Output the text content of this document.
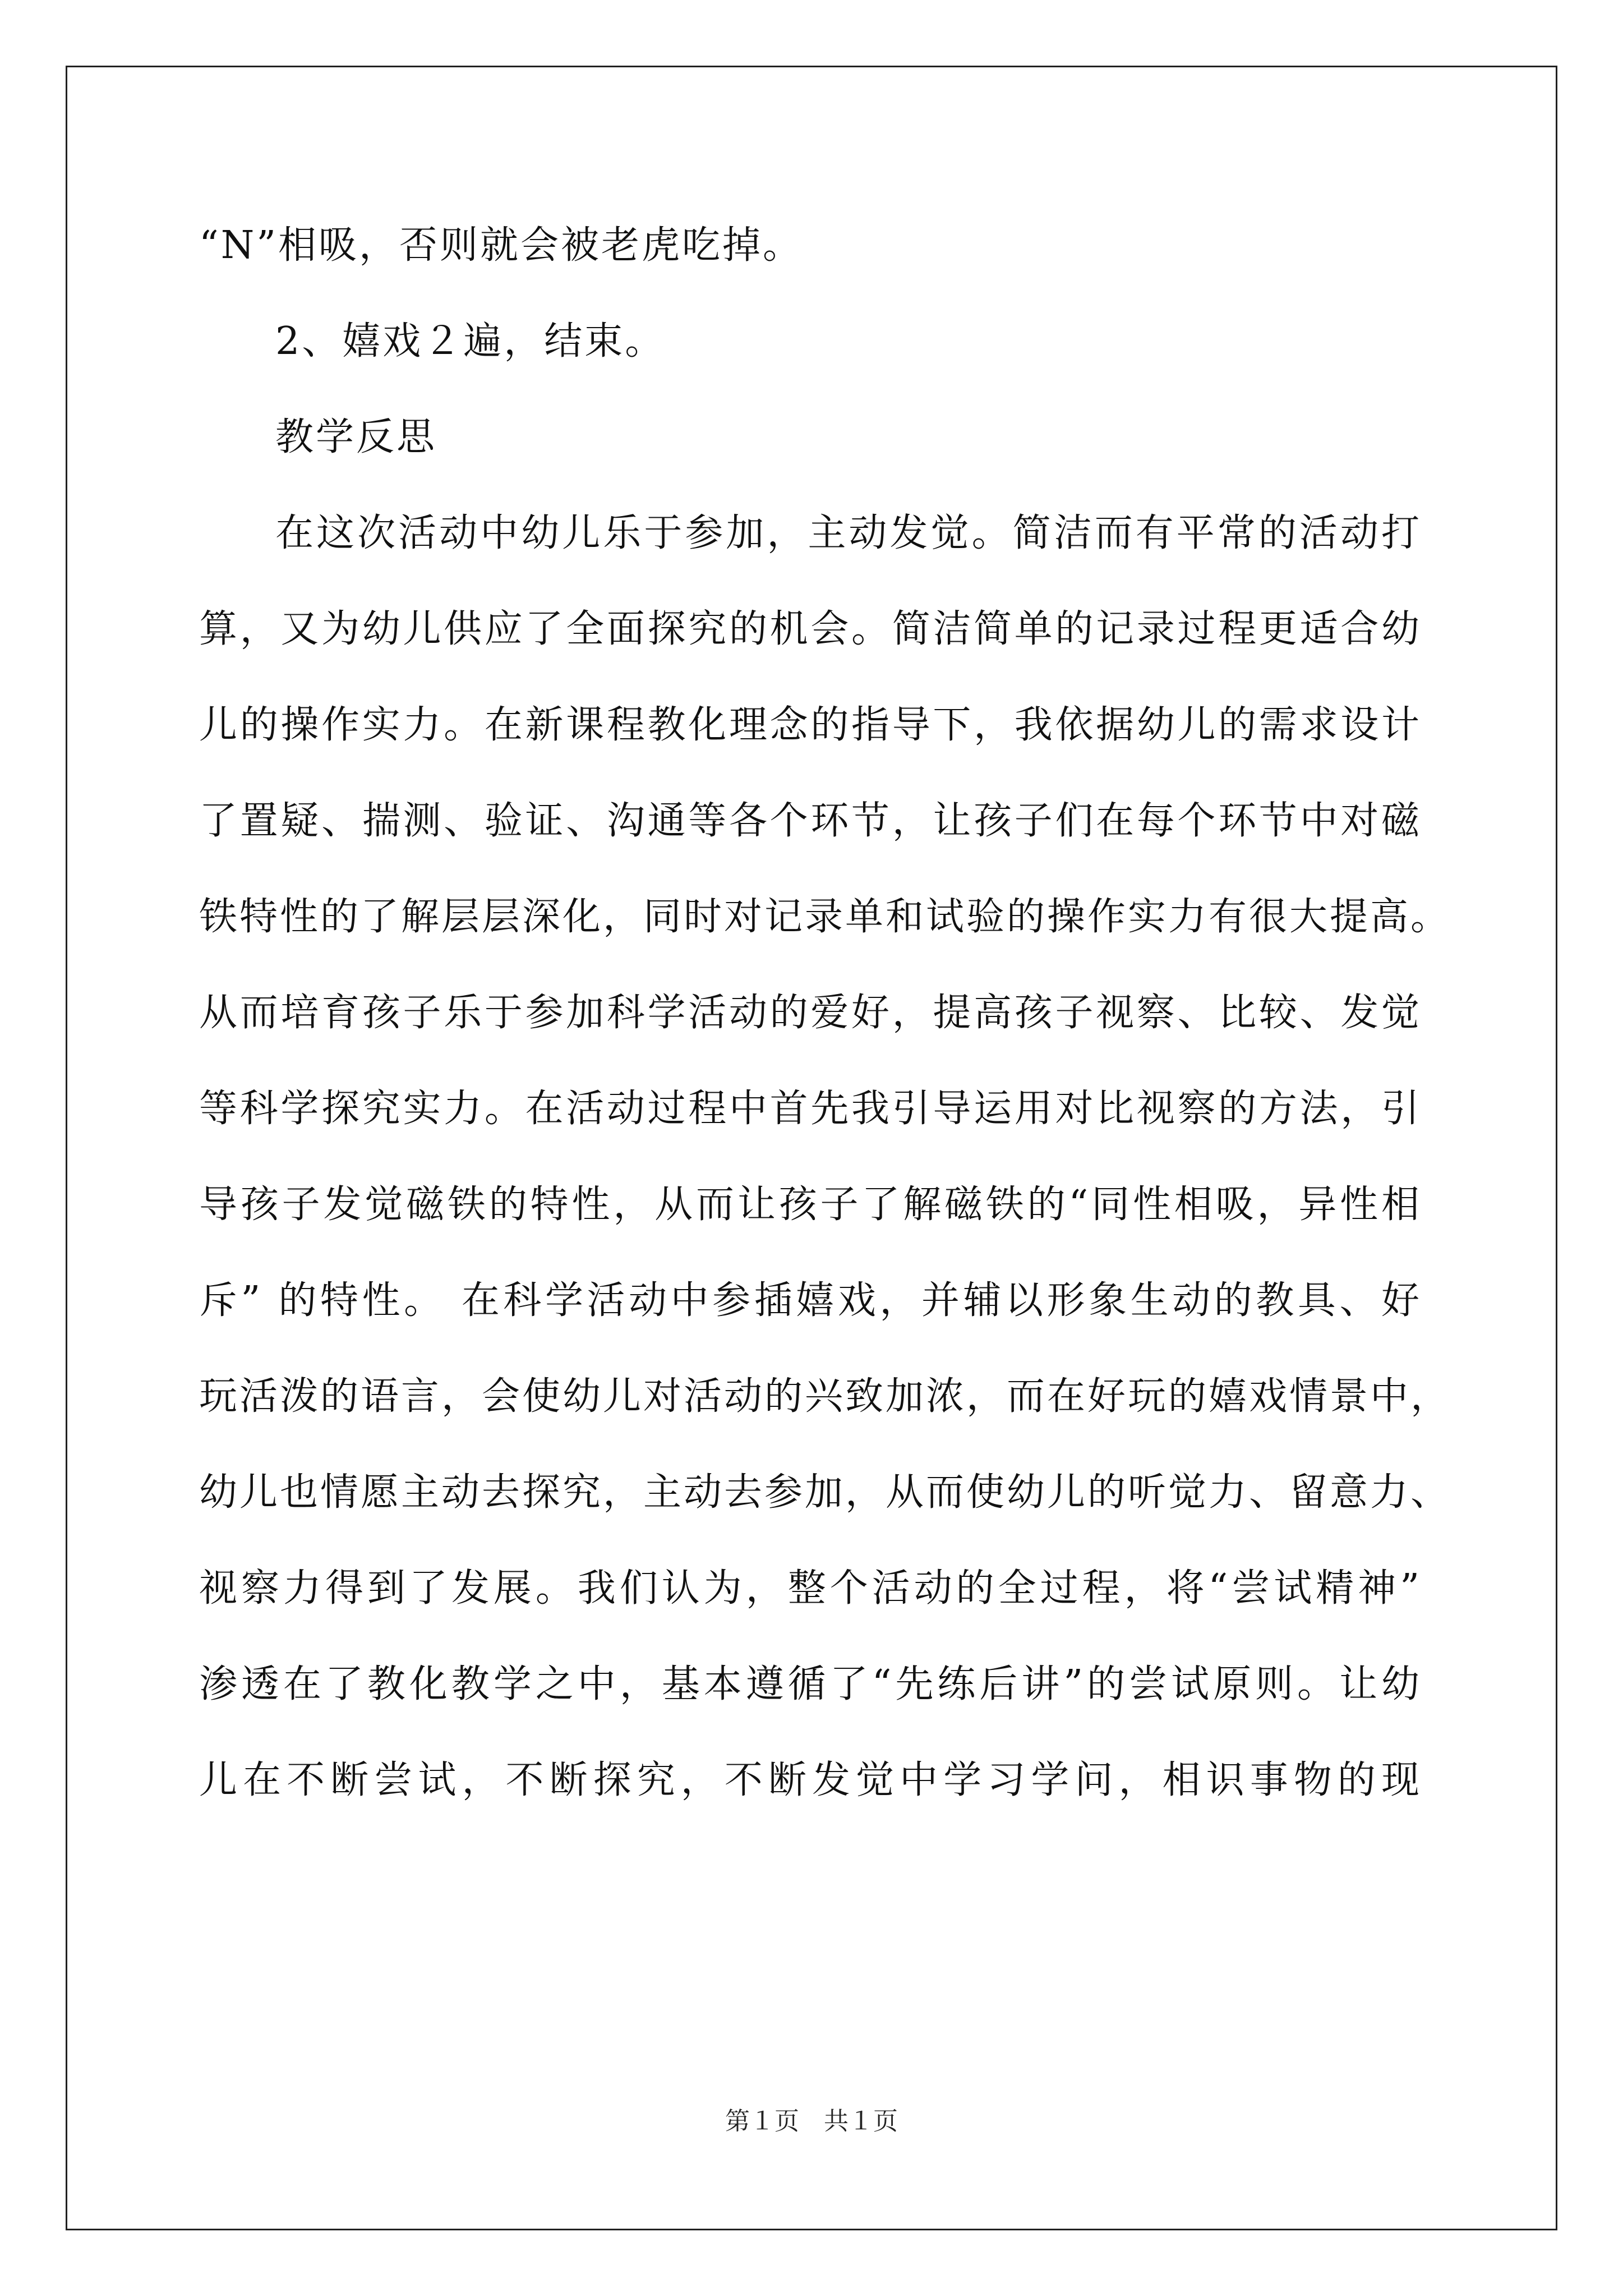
“N”相吸，否则就会被老虎吃掉。
2、嬉戏２遍，结束。
教学反思
在这次活动中幼儿乐于参加，主动发觉。简洁而有平常的活动打
算，又为幼儿供应了全面探究的机会。简洁简单的记录过程更适合幼
儿的操作实力。在新课程教化理念的指导下，我依据幼儿的需求设计
了置疑、揣测、验证、沟通等各个环节，让孩子们在每个环节中对磁
铁特性的了解层层深化，同时对记录单和试验的操作实力有很大提高。
从而培育孩子乐于参加科学活动的爱好，提高孩子视察、比较、发觉
等科学探究实力。在活动过程中首先我引导运用对比视察的方法，引
导孩子发觉磁铁的特性，从而让孩子了解磁铁的“同性相吸，异性相
斥” 的特性。 在科学活动中参插嬉戏，并辅以形象生动的教具、好
玩活泼的语言，会使幼儿对活动的兴致加浓，而在好玩的嬉戏情景中，
幼儿也情愿主动去探究，主动去参加，从而使幼儿的听觉力、留意力、
视察力得到了发展。我们认为，整个活动的全过程，将“尝试精神”
渗透在了教化教学之中，基本遵循了“先练后讲”的尝试原则。让幼
儿在不断尝试，不断探究，不断发觉中学习学问，相识事物的现
第１页　共１页
